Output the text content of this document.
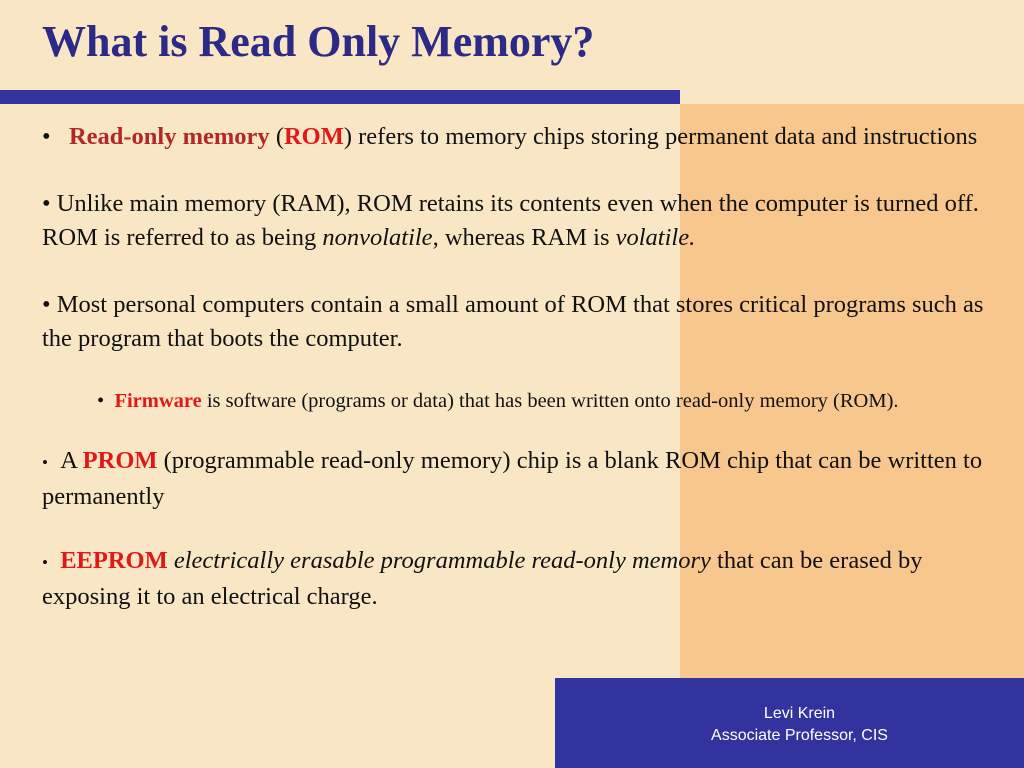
What is Read Only Memory?

• Read-only memory (ROM) refers to memory chips storing permanent data and instructions

• Unlike main memory (RAM), ROM retains its contents even when the computer is turned off. ROM is referred to as being nonvolatile, whereas RAM is volatile.

• Most personal computers contain a small amount of ROM that stores critical programs such as the program that boots the computer.

• Firmware is software (programs or data) that has been written onto read-only memory (ROM).

• A PROM (programmable read-only memory) chip is a blank ROM chip that can be written to permanently

• EEPROM electrically erasable programmable read-only memory that can be erased by exposing it to an electrical charge.

Levi Krein
Associate Professor, CIS
